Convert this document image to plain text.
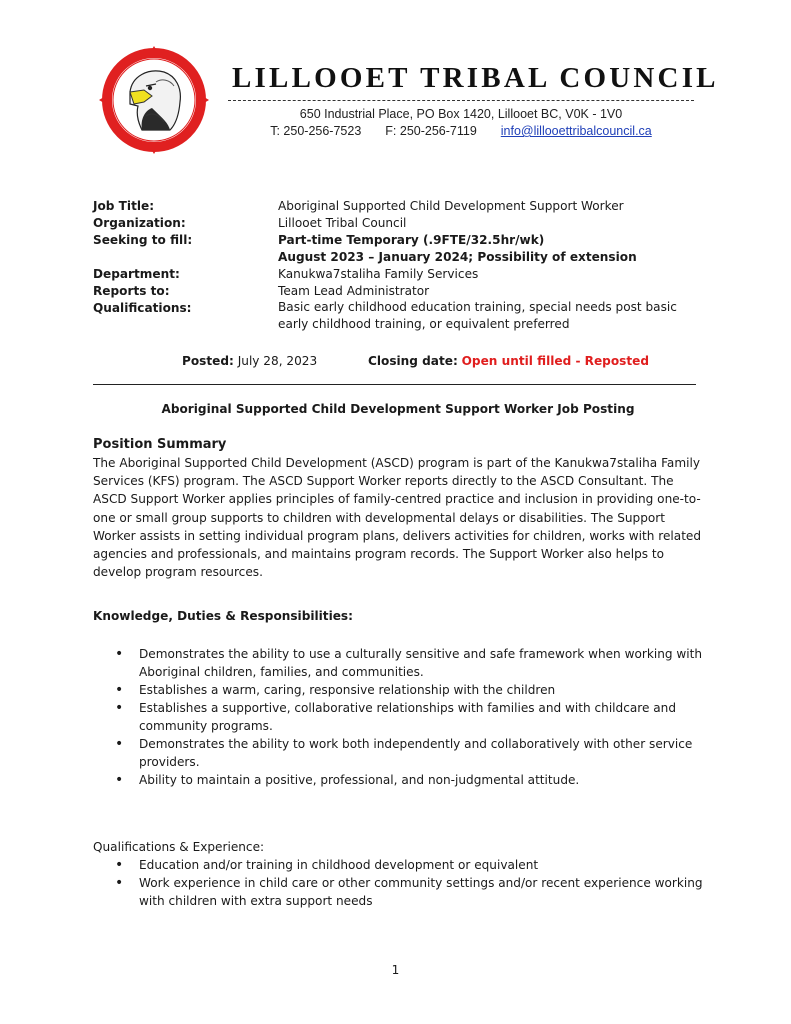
LILLOOET TRIBAL COUNCIL
650 Industrial Place, PO Box 1420, Lillooet BC, V0K - 1V0
T: 250-256-7523 F: 250-256-7119 info@lillooettribalcouncil.ca
Job Title:	Aboriginal Supported Child Development Support Worker
Organization:	Lillooet Tribal Council
Seeking to fill:	Part-time Temporary (.9FTE/32.5hr/wk)
August 2023 – January 2024; Possibility of extension
Department:	Kanukwa7staliha Family Services
Reports to:	Team Lead Administrator
Qualifications:	Basic early childhood education training, special needs post basic early childhood training, or equivalent preferred
Posted: July 28, 2023	Closing date: Open until filled - Reposted
Aboriginal Supported Child Development Support Worker Job Posting
Position Summary
The Aboriginal Supported Child Development (ASCD) program is part of the Kanukwa7staliha Family Services (KFS) program. The ASCD Support Worker reports directly to the ASCD Consultant. The ASCD Support Worker applies principles of family-centred practice and inclusion in providing one-to-one or small group supports to children with developmental delays or disabilities. The Support Worker assists in setting individual program plans, delivers activities for children, works with related agencies and professionals, and maintains program records. The Support Worker also helps to develop program resources.
Knowledge, Duties & Responsibilities:
• Demonstrates the ability to use a culturally sensitive and safe framework when working with Aboriginal children, families, and communities.
• Establishes a warm, caring, responsive relationship with the children
• Establishes a supportive, collaborative relationships with families and with childcare and community programs.
• Demonstrates the ability to work both independently and collaboratively with other service providers.
• Ability to maintain a positive, professional, and non-judgmental attitude.
Qualifications & Experience:
• Education and/or training in childhood development or equivalent
• Work experience in child care or other community settings and/or recent experience working with children with extra support needs
1
